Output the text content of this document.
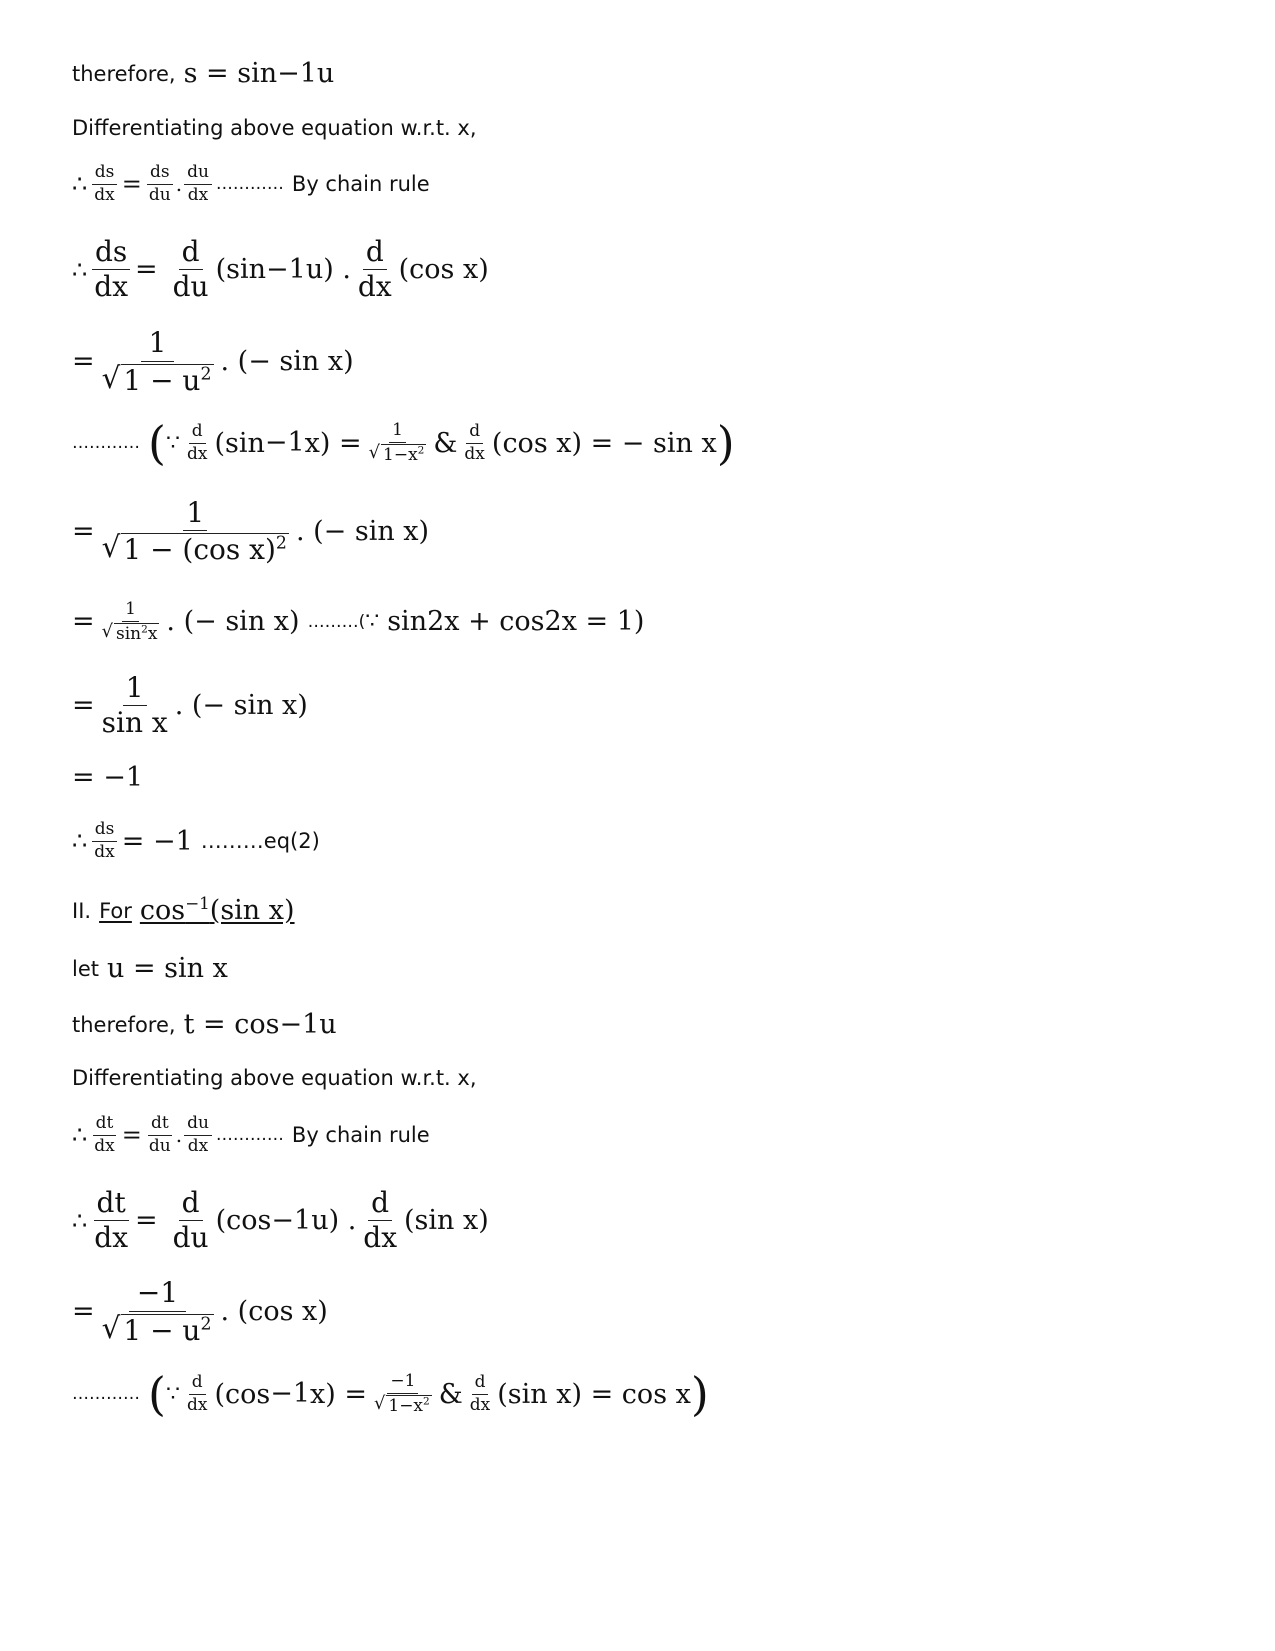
therefore, s = sin −1 u
Differentiating above equation w.r.t. x,
∴ $\frac{ds}{dx} = \frac{ds}{du}$ . $\frac{du}{dx}$ ………… By chain rule
∴ $\frac{ds}{dx} = \frac{d}{du} (\sin -1$ u) . $\frac{d}{dx} (\cos$ x)
= $\frac{1}{√ 1 - u^2}$ . (− sin x)
………… ( ∵ $\frac{d}{dx} (\sin -1$ $x) = \frac{1}{√ 1-x^2}$ & $\frac{d}{dx} (\cos$ x) = − sin x )
= $\frac{1}{√ 1 - (\cos x)^2}$ . (− sin x)
= $\frac{1}{√ \sin^2x}$ . (− sin x) ………( ∵ sin 2 x + cos 2 x = 1)
= $\frac{1}{\text{sin x}}$ . (− sin x)
= −1
∴ $\frac{ds}{dx} = -1$ ………eq(2)
II. For $\cos^{-1}(\sin$ x)
let u = sin x
therefore, t = cos −1 u
Differentiating above equation w.r.t. x,
∴ $\frac{dt}{dx} = \frac{dt}{du}$ . $\frac{du}{dx}$ ………… By chain rule
∴ $\frac{dt}{dx} = \frac{d}{du} (\cos -1$ u) . $\frac{d}{dx} (\sin$ x)
= $\frac{-1}{√ 1 - u^2}$ . (cos x)
………… ( ∵ $\frac{d}{dx} (\cos -1$ $x) = \frac{-1}{√ 1-x^2}$ & $\frac{d}{dx} (\sin$ x) = cos x )
